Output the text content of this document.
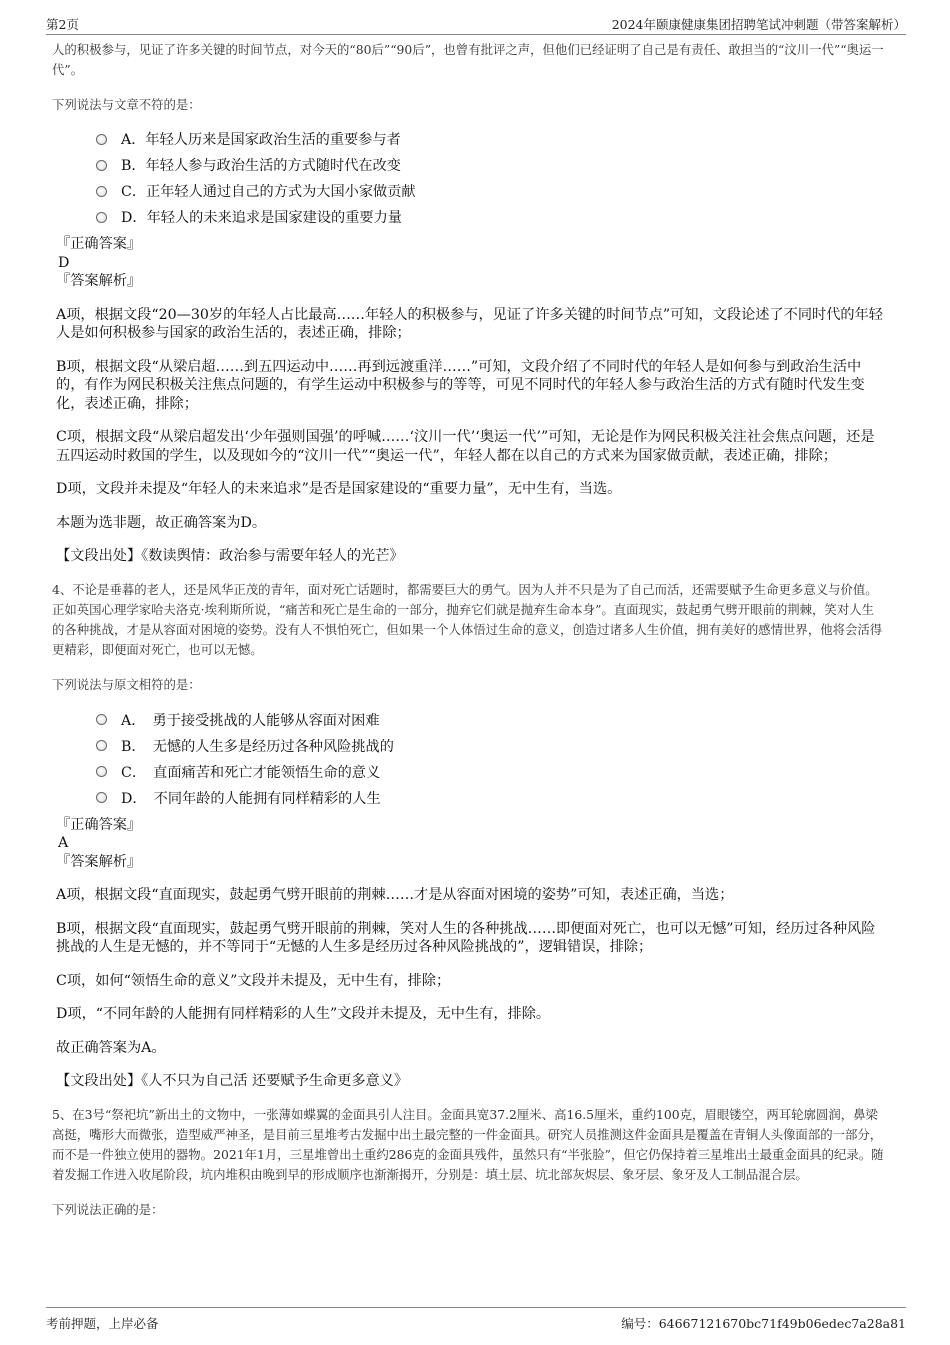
第2页	2024年颐康健康集团招聘笔试冲刺题（带答案解析）
人的积极参与，见证了许多关键的时间节点，对今天的“80后”“90后”，也曾有批评之声，但他们已经证明了自己是有责任、敢担当的“汶川一代”“奥运一代”。
下列说法与文章不符的是：
A．年轻人历来是国家政治生活的重要参与者
B．年轻人参与政治生活的方式随时代在改变
C．正年轻人通过自己的方式为大国小家做贡献
D．年轻人的未来追求是国家建设的重要力量
『正确答案』
D
『答案解析』
A项，根据文段“20—30岁的年轻人占比最高……年轻人的积极参与，见证了许多关键的时间节点”可知，文段论述了不同时代的年轻人是如何积极参与国家的政治生活的，表述正确，排除；
B项，根据文段“从梁启超……到五四运动中……再到远渡重洋……”可知，文段介绍了不同时代的年轻人是如何参与到政治生活中的，有作为网民积极关注焦点问题的，有学生运动中积极参与的等等，可见不同时代的年轻人参与政治生活的方式有随时代发生变化，表述正确，排除；
C项，根据文段“从梁启超发出‘少年强则国强’的呼喊……‘汶川一代’‘奥运一代’”可知，无论是作为网民积极关注社会焦点问题，还是五四运动时救国的学生，以及现如今的“汶川一代”“奥运一代”，年轻人都在以自己的方式来为国家做贡献，表述正确，排除；
D项，文段并未提及“年轻人的未来追求”是否是国家建设的“重要力量”，无中生有，当选。
本题为选非题，故正确答案为D。
【文段出处】《数读舆情：政治参与需要年轻人的光芒》
4、不论是垂暮的老人，还是风华正茂的青年，面对死亡话题时，都需要巨大的勇气。因为人并不只是为了自己而活，还需要赋予生命更多意义与价值。正如英国心理学家哈夫洛克·埃利斯所说，“痛苦和死亡是生命的一部分，抛弃它们就是抛弃生命本身”。直面现实，鼓起勇气劈开眼前的荆棘，笑对人生的各种挑战，才是从容面对困境的姿势。没有人不惧怕死亡，但如果一个人体悟过生命的意义，创造过诸多人生价值，拥有美好的感情世界，他将会活得更精彩，即便面对死亡，也可以无憾。
下列说法与原文相符的是：
A．　勇于接受挑战的人能够从容面对困难
B．　无憾的人生多是经历过各种风险挑战的
C．　直面痛苦和死亡才能领悟生命的意义
D．　不同年龄的人能拥有同样精彩的人生
『正确答案』
A
『答案解析』
A项，根据文段“直面现实，鼓起勇气劈开眼前的荆棘……才是从容面对困境的姿势”可知，表述正确，当选；
B项，根据文段“直面现实，鼓起勇气劈开眼前的荆棘，笑对人生的各种挑战……即便面对死亡，也可以无憾”可知，经历过各种风险挑战的人生是无憾的，并不等同于“无憾的人生多是经历过各种风险挑战的”，逻辑错误，排除；
C项，如何“领悟生命的意义”文段并未提及，无中生有，排除；
D项，“不同年龄的人能拥有同样精彩的人生”文段并未提及，无中生有，排除。
故正确答案为A。
【文段出处】《人不只为自己活 还要赋予生命更多意义》
5、在3号“祭祀坑”新出土的文物中，一张薄如蝶翼的金面具引人注目。金面具宽37.2厘米、高16.5厘米，重约100克，眉眼镂空，两耳轮廓圆润，鼻梁高挺，嘴形大而微张，造型威严神圣，是目前三星堆考古发掘中出土最完整的一件金面具。研究人员推测这件金面具是覆盖在青铜人头像面部的一部分，而不是一件独立使用的器物。2021年1月，三星堆曾出土重约286克的金面具残件，虽然只有“半张脸”，但它仍保持着三星堆出土最重金面具的纪录。随着发掘工作进入收尾阶段，坑内堆积由晚到早的形成顺序也渐渐揭开，分别是：填土层、坑北部灰烬层、象牙层、象牙及人工制品混合层。
下列说法正确的是：
考前押题，上岸必备	编号：64667121670bc71f49b06edec7a28a81
